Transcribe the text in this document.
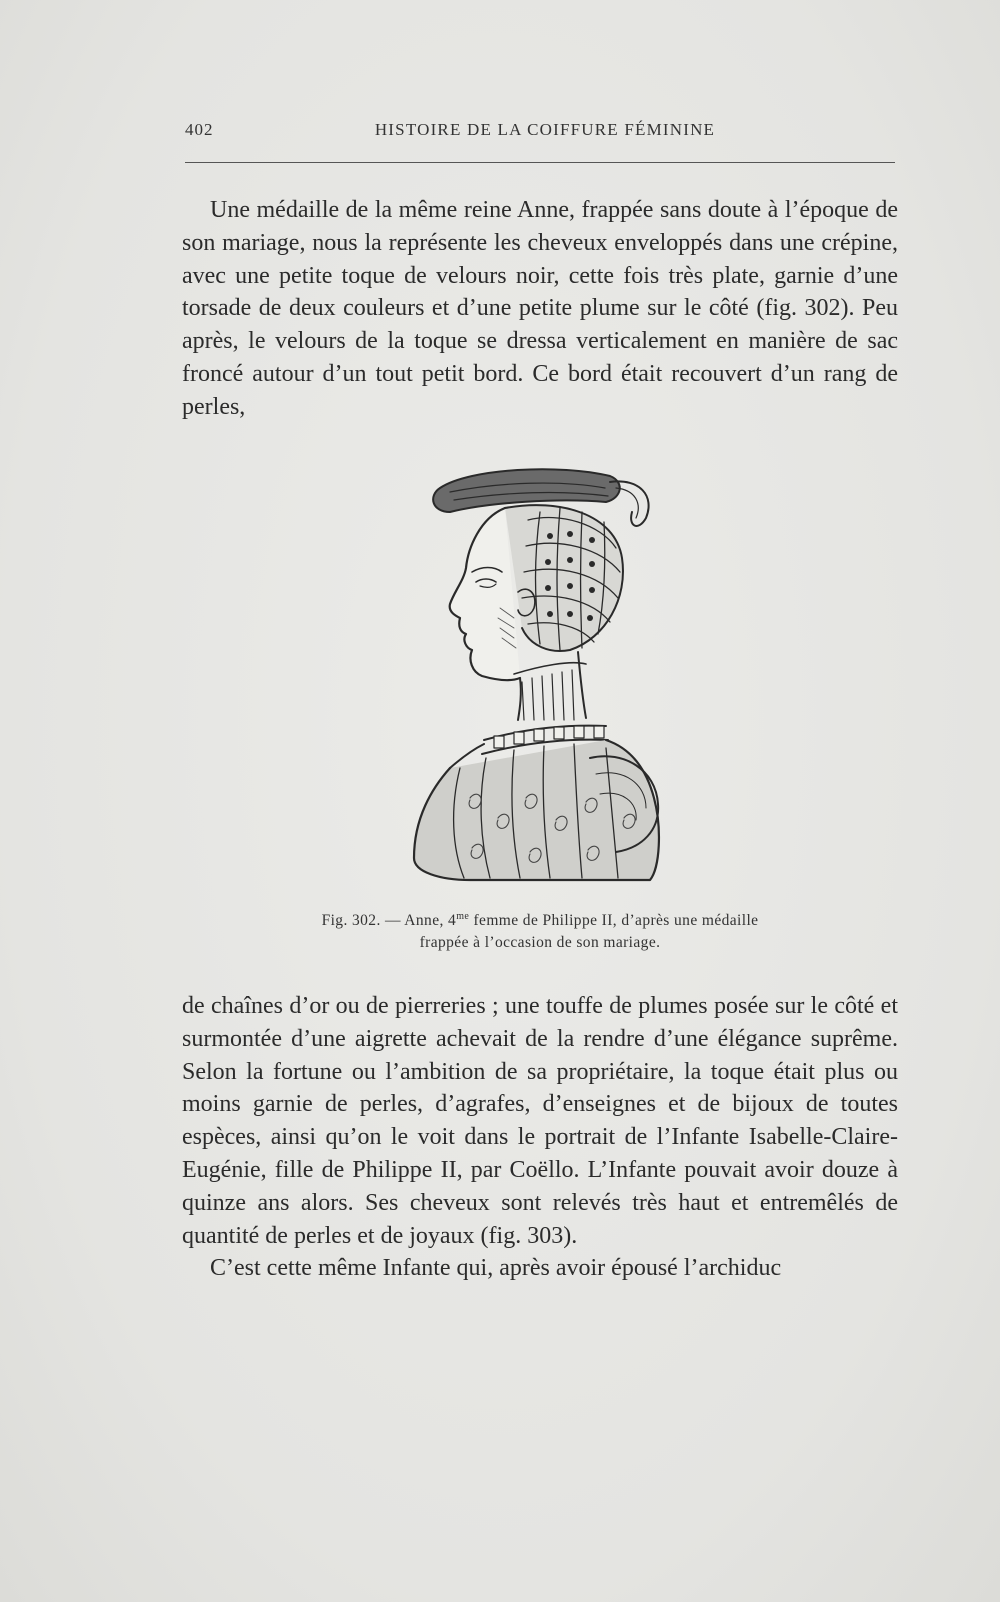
402	HISTOIRE DE LA COIFFURE FÉMININE

Une médaille de la même reine Anne, frappée sans doute à l’époque de son mariage, nous la représente les cheveux enveloppés dans une crépine, avec une petite toque de velours noir, cette fois très plate, garnie d’une torsade de deux couleurs et d’une petite plume sur le côté (fig. 302). Peu après, le velours de la toque se dressa verticalement en manière de sac froncé autour d’un tout petit bord. Ce bord était recouvert d’un rang de perles,

Fig. 302. — Anne, $4^{me}$ femme de Philippe II, d’après une médaille
frappée à l’occasion de son mariage.

de chaînes d’or ou de pierreries ; une touffe de plumes posée sur le côté et surmontée d’une aigrette achevait de la rendre d’une élégance suprême. Selon la fortune ou l’ambition de sa propriétaire, la toque était plus ou moins garnie de perles, d’agrafes, d’enseignes et de bijoux de toutes espèces, ainsi qu’on le voit dans le portrait de l’Infante Isabelle-Claire-Eugénie, fille de Philippe II, par Coëllo. L’Infante pouvait avoir douze à quinze ans alors. Ses cheveux sont relevés très haut et entremêlés de quantité de perles et de joyaux (fig. 303).

C’est cette même Infante qui, après avoir épousé l’archiduc
